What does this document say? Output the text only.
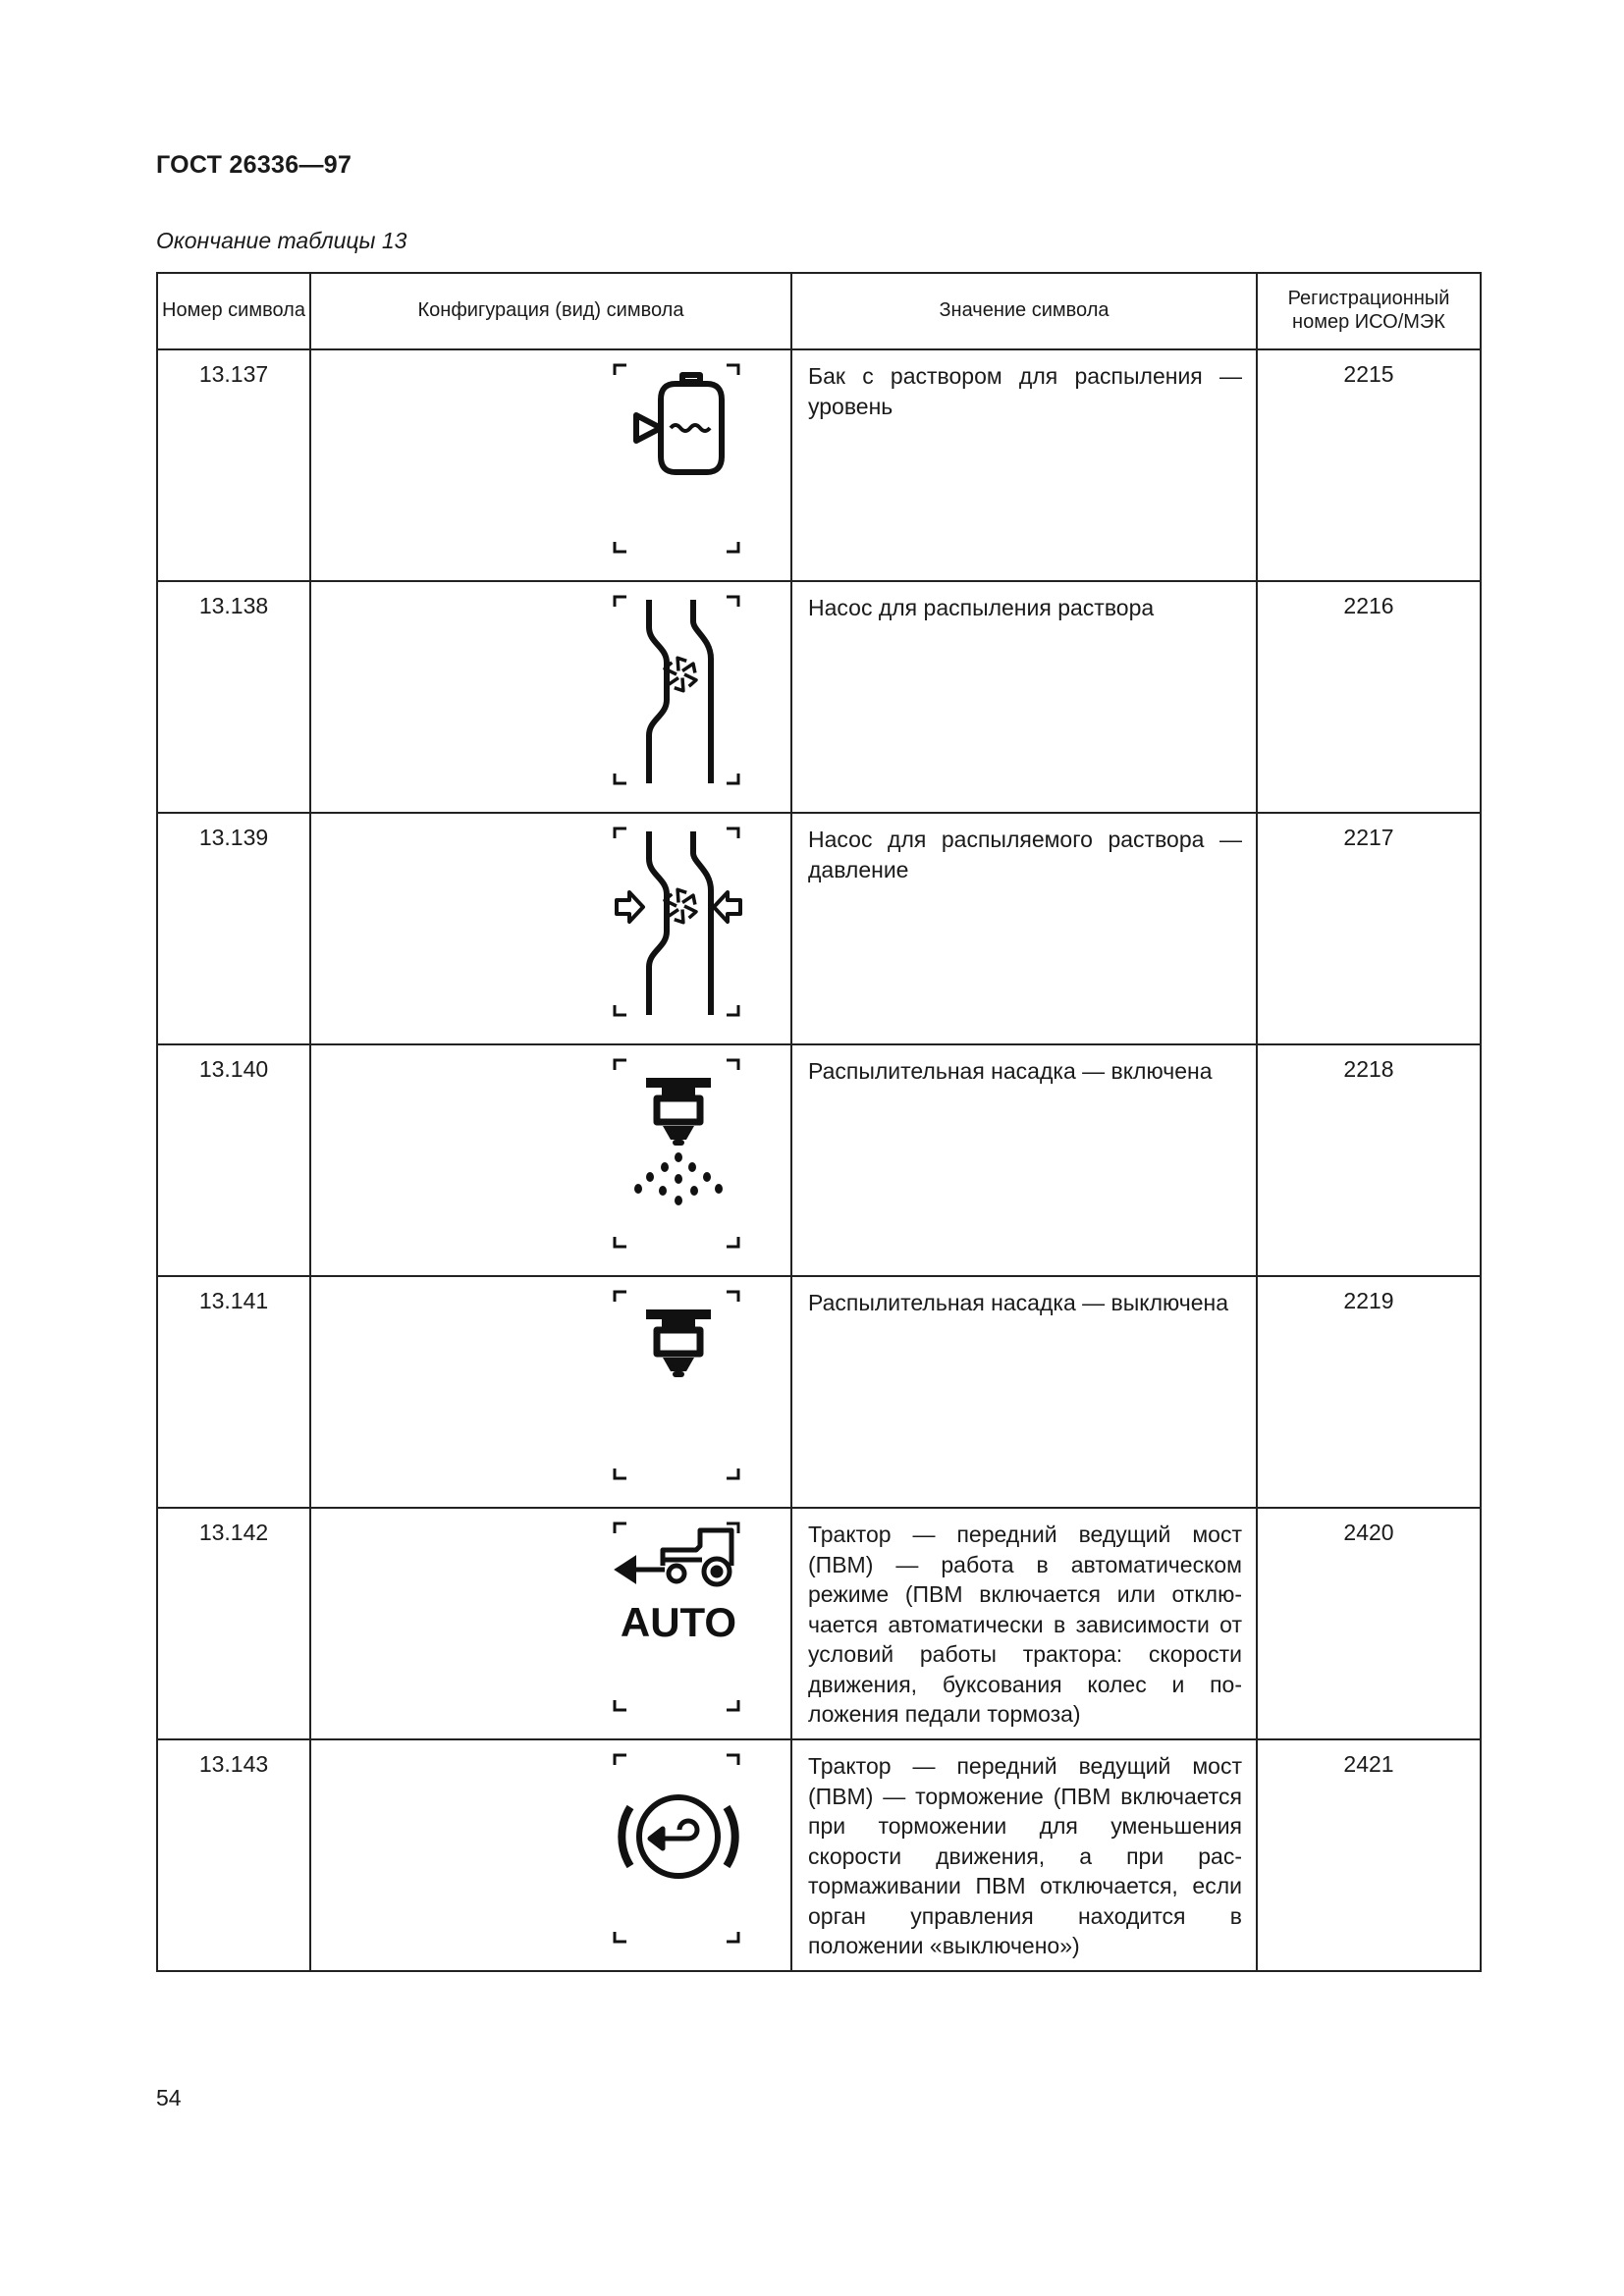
ГОСТ 26336—97
Окончание таблицы 13
Номер символа	Конфигурация (вид) символа	Значение символа	Регистрационный номер ИСО/МЭК

13.137		Бак с раствором для распыления — уровень	2215
13.138		Насос для распыления раствора	2216
13.139		Насос для распыляемого раствора — давление	2217
13.140		Распылительная насадка — включена	2218
13.141		Распылительная насадка — выключена	2219
13.142	AUTO	Трактор — передний ведущий мост (ПВМ) — работа в автоматическом режиме (ПВМ включается или отключается автоматически в зависимости от условий работы трактора: скорости движения, буксования колес и положения педали тормоза)	2420
13.143		Трактор — передний ведущий мост (ПВМ) — торможение (ПВМ включается при торможении для уменьшения скорости движения, а при растормаживании ПВМ отключается, если орган управления находится в положении «выключено»)	2421
54
